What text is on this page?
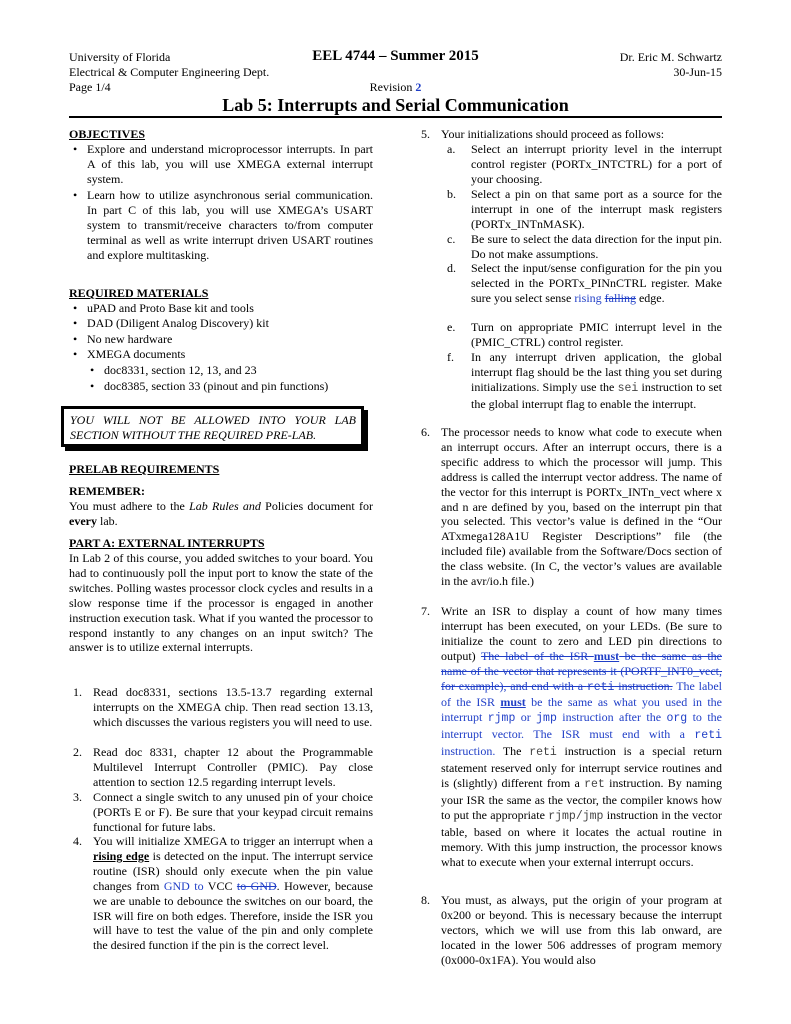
University of Florida
Electrical & Computer Engineering Dept.
Page 1/4
EEL 4744 – Summer 2015
Revision 2
Dr. Eric M. Schwartz
30-Jun-15
Lab 5: Interrupts and Serial Communication
OBJECTIVES
• Explore and understand microprocessor interrupts. In part A of this lab, you will use XMEGA external interrupt system.
• Learn how to utilize asynchronous serial communication. In part C of this lab, you will use XMEGA’s USART system to transmit/receive characters to/from computer terminal as well as write interrupt driven USART routines and explore multitasking.
REQUIRED MATERIALS
• uPAD and Proto Base kit and tools
• DAD (Diligent Analog Discovery) kit
• No new hardware
• XMEGA documents
• doc8331, section 12, 13, and 23
• doc8385, section 33 (pinout and pin functions)
YOU WILL NOT BE ALLOWED INTO YOUR LAB SECTION WITHOUT THE REQUIRED PRE-LAB.
PRELAB REQUIREMENTS
REMEMBER:
You must adhere to the Lab Rules and Policies document for every lab.
PART A: EXTERNAL INTERRUPTS
In Lab 2 of this course, you added switches to your board. You had to continuously poll the input port to know the state of the switches. Polling wastes processor clock cycles and results in a slow response time if the processor is engaged in another instruction execution task. What if you wanted the processor to respond instantly to any changes on an input switch? The answer is to utilize external interrupts.
1. Read doc8331, sections 13.5-13.7 regarding external interrupts on the XMEGA chip. Then read section 13.13, which discusses the various registers you will need to use.
2. Read doc 8331, chapter 12 about the Programmable Multilevel Interrupt Controller (PMIC). Pay close attention to section 12.5 regarding interrupt levels.
3. Connect a single switch to any unused pin of your choice (PORTs E or F). Be sure that your keypad circuit remains functional for future labs.
4. You will initialize XMEGA to trigger an interrupt when a rising edge is detected on the input. The interrupt service routine (ISR) should only execute when the pin value changes from GND to VCC to GND. However, because we are unable to debounce the switches on our board, the ISR will fire on both edges. Therefore, inside the ISR you will have to test the value of the pin and only complete the desired function if the pin is the correct level.
5. Your initializations should proceed as follows:
a. Select an interrupt priority level in the interrupt control register (PORTx_INTCTRL) for a port of your choosing.
b. Select a pin on that same port as a source for the interrupt in one of the interrupt mask registers (PORTx_INTnMASK).
c. Be sure to select the data direction for the input pin. Do not make assumptions.
d. Select the input/sense configuration for the pin you selected in the PORTx_PINnCTRL register. Make sure you select sense rising falling edge.
e. Turn on appropriate PMIC interrupt level in the (PMIC_CTRL) control register.
f. In any interrupt driven application, the global interrupt flag should be the last thing you set during initializations. Simply use the sei instruction to set the global interrupt flag to enable the interrupt.
6. The processor needs to know what code to execute when an interrupt occurs. After an interrupt occurs, there is a specific address to which the processor will jump. This address is called the interrupt vector address. The name of the vector for this interrupt is PORTx_INTn_vect where x and n are defined by you, based on the interrupt pin that you selected. This vector’s value is defined in the “Our ATxmega128A1U Register Descriptions” file (the included file) available from the Software/Docs section of the class website. (In C, the vector’s values are available in the avr/io.h file.)
7. Write an ISR to display a count of how many times interrupt has been executed, on your LEDs. (Be sure to initialize the count to zero and LED pin directions to output) The label of the ISR must be the same as the name of the vector that represents it (PORTF_INT0_vect, for example), and end with a reti instruction. The label of the ISR must be the same as what you used in the interrupt rjmp or jmp instruction after the org to the interrupt vector. The ISR must end with a reti instruction. The reti instruction is a special return statement reserved only for interrupt service routines and is (slightly) different from a ret instruction. By naming your ISR the same as the vector, the compiler knows how to put the appropriate rjmp/jmp instruction in the vector table, based on where it locates the actual routine in memory. With this jump instruction, the processor knows what to execute when your external interrupt occurs.
8. You must, as always, put the origin of your program at 0x200 or beyond. This is necessary because the interrupt vectors, which we will use from this lab onward, are located in the lower 506 addresses of program memory (0x000-0x1FA). You would also
